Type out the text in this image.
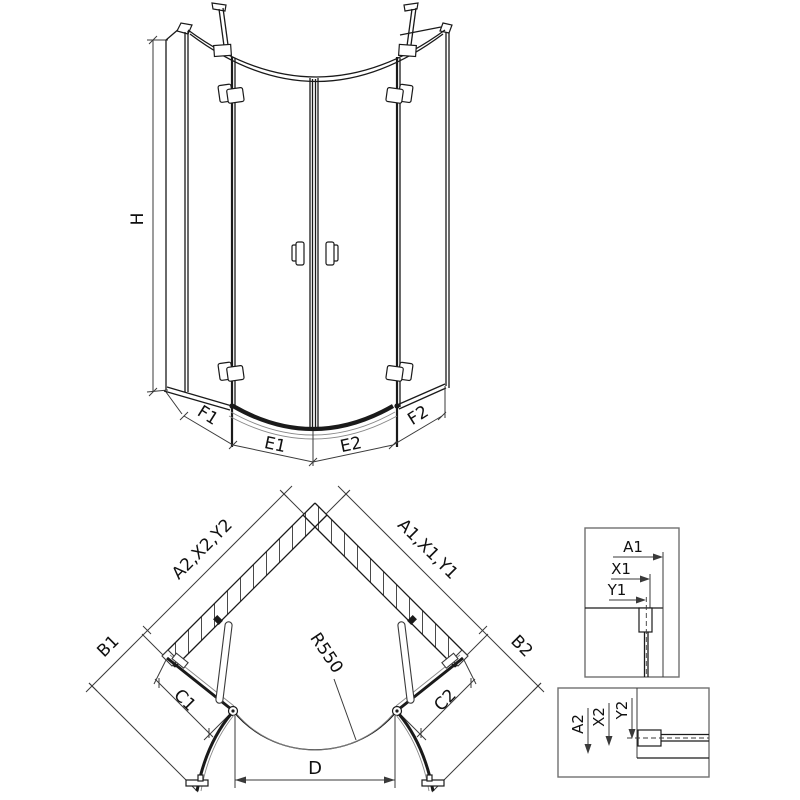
H
F1
E1	E2
F2
A2,X2,Y2
B1
A1,X1,Y1
B2
C1	C2
R550
D
A1
X1
Y1
A2 X2 Y2
